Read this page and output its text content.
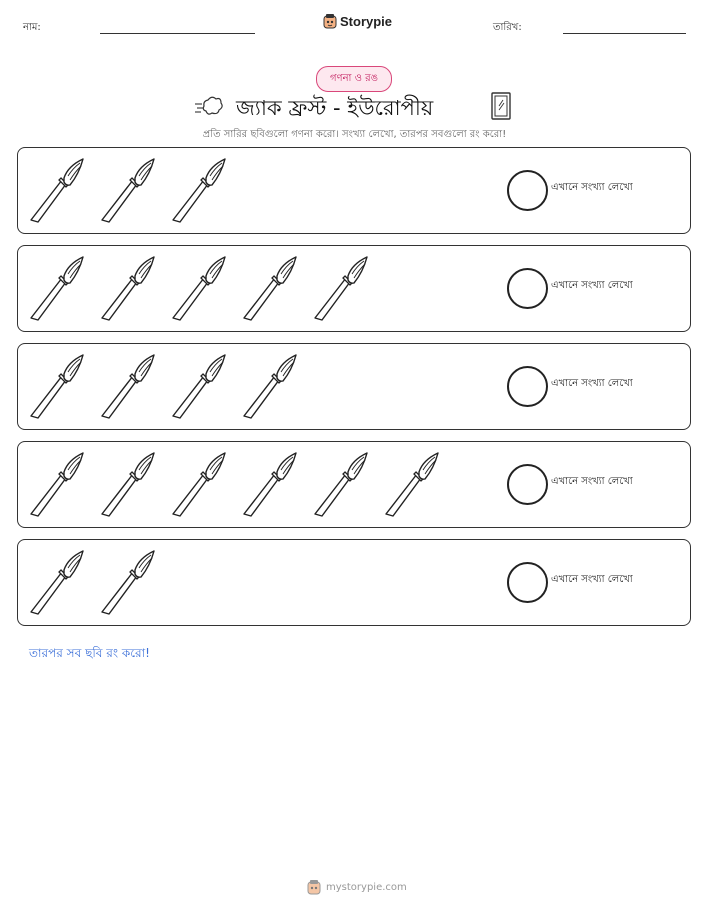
নাম:	Storypie	তারিখ:
গণনা ও রঙ
জ্যাক ফ্রস্ট - ইউরোপীয়
প্রতি সারির ছবিগুলো গণনা করো। সংখ্যা লেখো, তারপর সবগুলো রং করো!
এখানে সংখ্যা লেখো
এখানে সংখ্যা লেখো
এখানে সংখ্যা লেখো
এখানে সংখ্যা লেখো
এখানে সংখ্যা লেখো
তারপর সব ছবি রং করো!
mystorypie.com
